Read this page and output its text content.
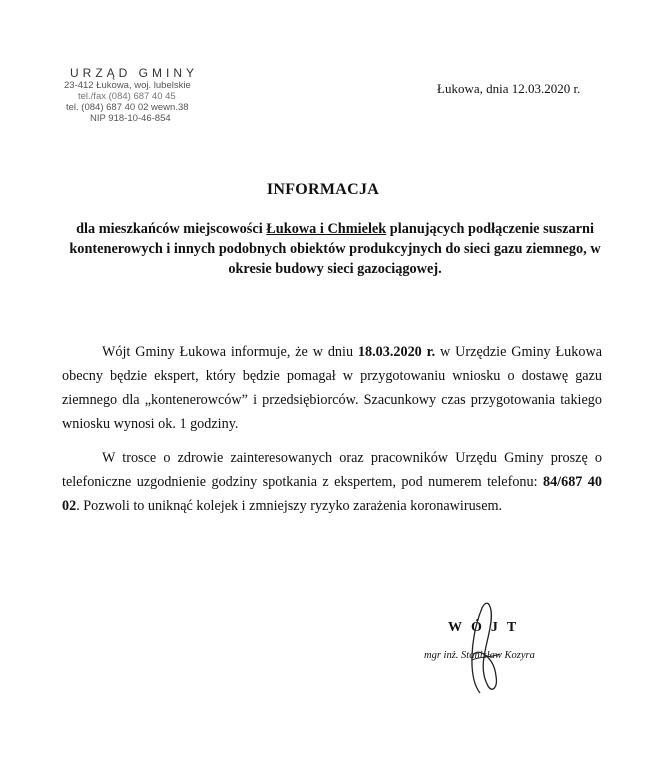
URZĄD GMINY
23-412 Łukowa, woj. lubelskie
tel./fax (084) 687 40 45
tel. (084) 687 40 02 wewn.38
NIP 918-10-46-854
Łukowa, dnia 12.03.2020 r.
INFORMACJA
dla mieszkańców miejscowości Łukowa i Chmielek planujących podłączenie suszarni kontenerowych i innych podobnych obiektów produkcyjnych do sieci gazu ziemnego, w okresie budowy sieci gazociągowej.

Wójt Gminy Łukowa informuje, że w dniu 18.03.2020 r. w Urzędzie Gminy Łukowa obecny będzie ekspert, który będzie pomagał w przygotowaniu wniosku o dostawę gazu ziemnego dla „kontenerowców” i przedsiębiorców. Szacunkowy czas przygotowania takiego wniosku wynosi ok. 1 godziny.

W trosce o zdrowie zainteresowanych oraz pracowników Urzędu Gminy proszę o telefoniczne uzgodnienie godziny spotkania z ekspertem, pod numerem telefonu: 84/687 40 02. Pozwoli to uniknąć kolejek i zmniejszy ryzyko zarażenia koronawirusem.

WÓJT
mgr inż. Stanisław Kozyra
